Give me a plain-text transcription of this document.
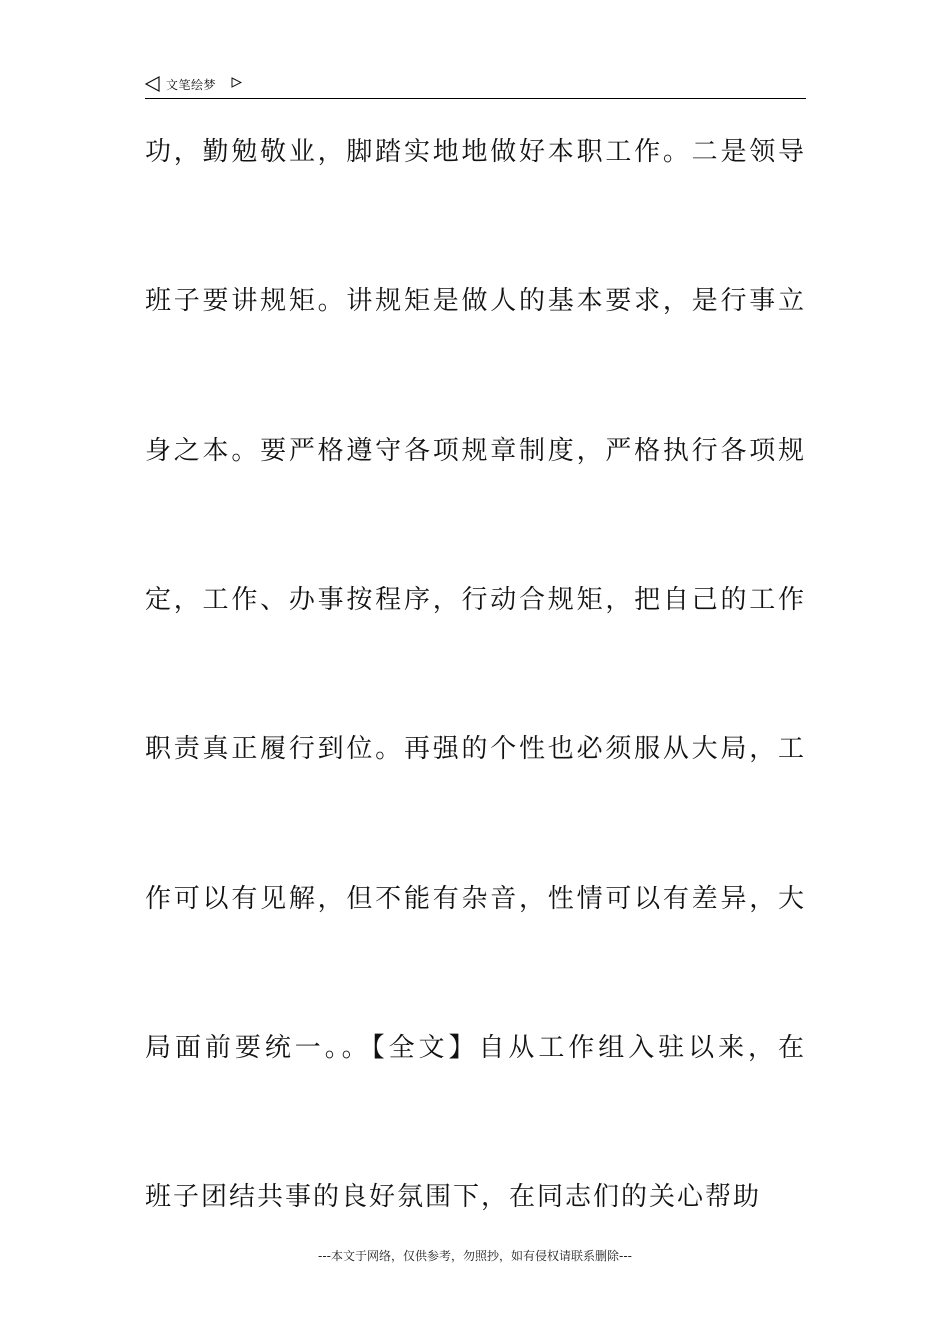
文笔绘梦
功，勤勉敬业，脚踏实地地做好本职工作。二是领导
班子要讲规矩。讲规矩是做人的基本要求，是行事立
身之本。要严格遵守各项规章制度，严格执行各项规
定，工作、办事按程序，行动合规矩，把自己的工作
职责真正履行到位。再强的个性也必须服从大局，工
作可以有见解，但不能有杂音，性情可以有差异，大
局面前要统一。。【全文】自从工作组入驻以来，在
班子团结共事的良好氛围下，在同志们的关心帮助
---本文于网络，仅供参考，勿照抄，如有侵权请联系删除---
